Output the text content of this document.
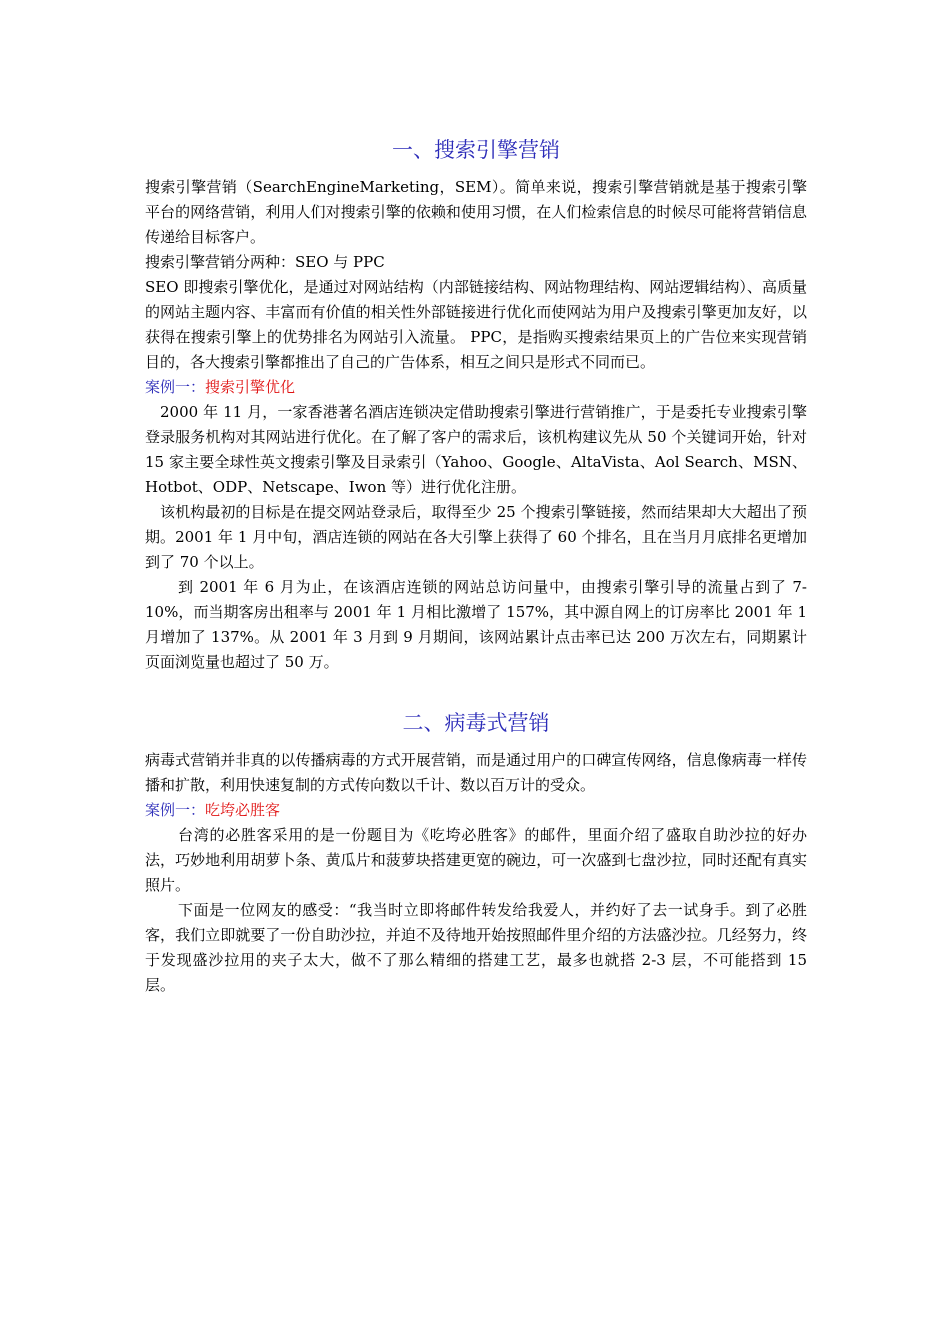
一、搜索引擎营销

搜索引擎营销（SearchEngineMarketing，SEM）。简单来说，搜索引擎营销就是基于搜索引擎平台的网络营销，利用人们对搜索引擎的依赖和使用习惯，在人们检索信息的时候尽可能将营销信息传递给目标客户。

搜索引擎营销分两种：SEO 与 PPC

SEO 即搜索引擎优化，是通过对网站结构（内部链接结构、网站物理结构、网站逻辑结构）、高质量的网站主题内容、丰富而有价值的相关性外部链接进行优化而使网站为用户及搜索引擎更加友好，以获得在搜索引擎上的优势排名为网站引入流量。 PPC，是指购买搜索结果页上的广告位来实现营销目的，各大搜索引擎都推出了自己的广告体系，相互之间只是形式不同而已。

案例一：搜索引擎优化

2000 年 11 月，一家香港著名酒店连锁决定借助搜索引擎进行营销推广，于是委托专业搜索引擎登录服务机构对其网站进行优化。在了解了客户的需求后，该机构建议先从 50 个关键词开始，针对 15 家主要全球性英文搜索引擎及目录索引（Yahoo、Google、AltaVista、Aol Search、MSN、Hotbot、ODP、Netscape、Iwon 等）进行优化注册。

该机构最初的目标是在提交网站登录后，取得至少 25 个搜索引擎链接，然而结果却大大超出了预期。2001 年 1 月中旬，酒店连锁的网站在各大引擎上获得了 60 个排名，且在当月月底排名更增加到了 70 个以上。

到 2001 年 6 月为止，在该酒店连锁的网站总访问量中，由搜索引擎引导的流量占到了 7-10%，而当期客房出租率与 2001 年 1 月相比激增了 157%，其中源自网上的订房率比 2001 年 1 月增加了 137%。从 2001 年 3 月到 9 月期间，该网站累计点击率已达 200 万次左右，同期累计页面浏览量也超过了 50 万。

二、病毒式营销

病毒式营销并非真的以传播病毒的方式开展营销，而是通过用户的口碑宣传网络，信息像病毒一样传播和扩散，利用快速复制的方式传向数以千计、数以百万计的受众。

案例一：吃垮必胜客

台湾的必胜客采用的是一份题目为《吃垮必胜客》的邮件，里面介绍了盛取自助沙拉的好办法，巧妙地利用胡萝卜条、黄瓜片和菠萝块搭建更宽的碗边，可一次盛到七盘沙拉，同时还配有真实照片。

下面是一位网友的感受：“我当时立即将邮件转发给我爱人，并约好了去一试身手。到了必胜客，我们立即就要了一份自助沙拉，并迫不及待地开始按照邮件里介绍的方法盛沙拉。几经努力，终于发现盛沙拉用的夹子太大，做不了那么精细的搭建工艺，最多也就搭 2-3 层，不可能搭到 15 层。
